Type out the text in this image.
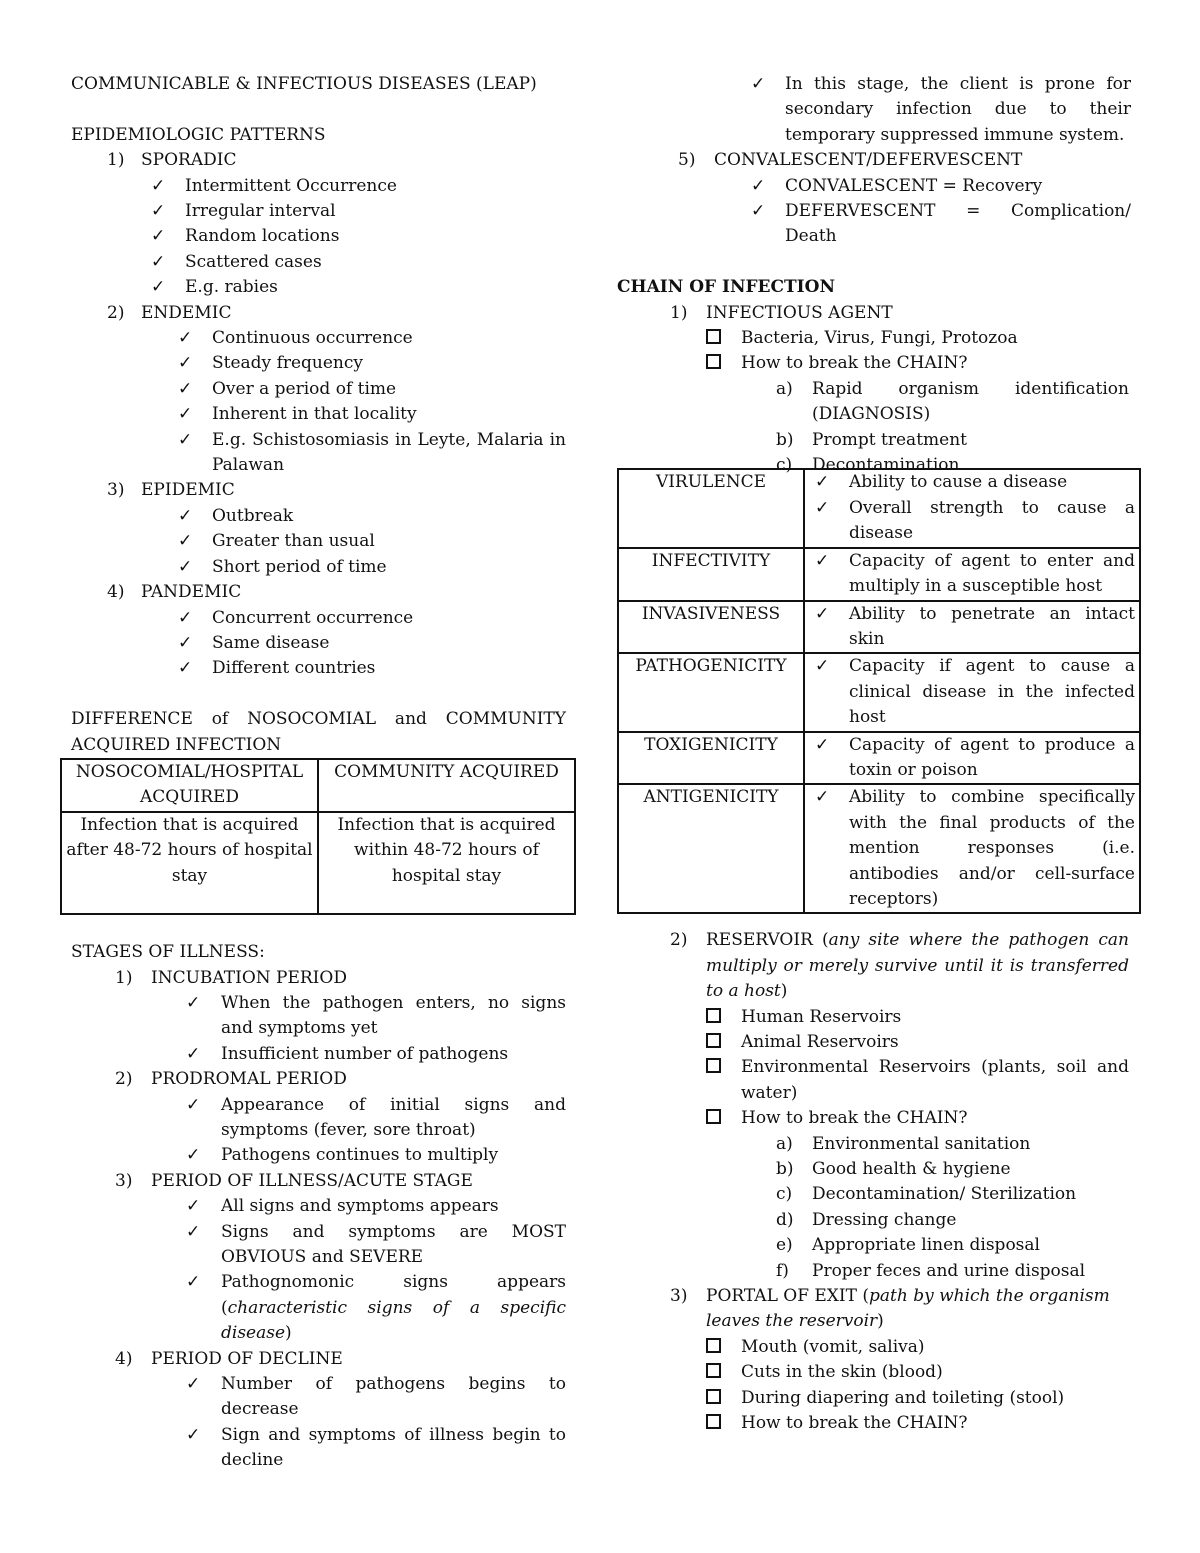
COMMUNICABLE & INFECTIOUS DISEASES (LEAP)

EPIDEMIOLOGIC PATTERNS

1) SPORADIC
✓	Intermittent Occurrence
✓	Irregular interval
✓	Random locations
✓	Scattered cases
✓	E.g. rabies
2) ENDEMIC
✓	Continuous occurrence
✓	Steady frequency
✓	Over a period of time
✓	Inherent in that locality
✓	E.g. Schistosomiasis in Leyte, Malaria in Palawan
3) EPIDEMIC
✓	Outbreak
✓	Greater than usual
✓	Short period of time
4) PANDEMIC
✓	Concurrent occurrence
✓	Same disease
✓	Different countries

DIFFERENCE of NOSOCOMIAL and COMMUNITY ACQUIRED INFECTION

NOSOCOMIAL/HOSPITAL ACQUIRED	COMMUNITY ACQUIRED
Infection that is acquired after 48-72 hours of hospital stay	Infection that is acquired within 48-72 hours of hospital stay

STAGES OF ILLNESS:

1)	INCUBATION PERIOD
✓	When the pathogen enters, no signs and symptoms yet
✓	Insufficient number of pathogens
2)	PRODROMAL PERIOD
✓	Appearance of initial signs and symptoms (fever, sore throat)
✓	Pathogens continues to multiply
3)	PERIOD OF ILLNESS/ACUTE STAGE
✓	All signs and symptoms appears
✓	Signs and symptoms are MOST OBVIOUS and SEVERE
✓	Pathognomonic signs appears (characteristic signs of a specific disease)
4)	PERIOD OF DECLINE
✓	Number of pathogens begins to decrease
✓	Sign and symptoms of illness begin to decline
✓	In this stage, the client is prone for secondary infection due to their temporary suppressed immune system.
5)	CONVALESCENT/DEFERVESCENT
✓	CONVALESCENT = Recovery
✓	DEFERVESCENT = Complication/ Death

CHAIN OF INFECTION

1)	INFECTIOUS AGENT
Bacteria, Virus, Fungi, Protozoa
How to break the CHAIN?
a)	Rapid organism identification (DIAGNOSIS)
b)	Prompt treatment
c)	Decontamination
VIRULENCE	✓ Ability to cause a disease
✓ Overall strength to cause a disease

INFECTIVITY	✓ Capacity of agent to enter and multiply in a susceptible host

INVASIVENESS	✓ Ability to penetrate an intact skin

PATHOGENICITY	✓ Capacity if agent to cause a clinical disease in the infected host

TOXIGENICITY	✓ Capacity of agent to produce a toxin or poison

ANTIGENICITY	✓ Ability to combine specifically with the final products of the mention responses (i.e. antibodies and/or cell-surface receptors)
2)	RESERVOIR (any site where the pathogen can multiply or merely survive until it is transferred to a host)
Human Reservoirs
Animal Reservoirs
Environmental Reservoirs (plants, soil and water)
How to break the CHAIN?
a)	Environmental sanitation
b)	Good health & hygiene
c)	Decontamination/ Sterilization
d)	Dressing change
e)	Appropriate linen disposal
f)	Proper feces and urine disposal
3)	PORTAL OF EXIT (path by which the organism leaves the reservoir)
Mouth (vomit, saliva)
Cuts in the skin (blood)
During diapering and toileting (stool)
How to break the CHAIN?
